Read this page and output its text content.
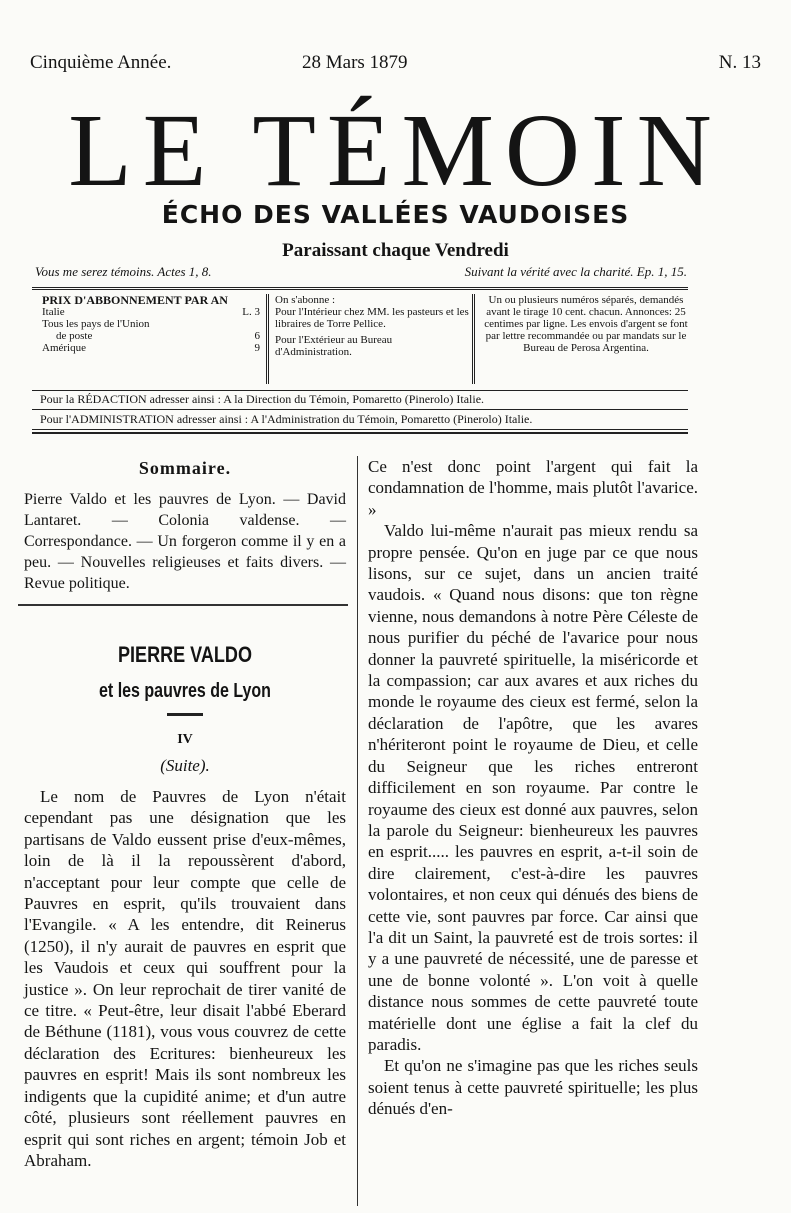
Cinquième Année.	28 Mars 1879	N. 13
LE TÉMOIN
ÉCHO DES VALLÉES VAUDOISES
Paraissant chaque Vendredi
Vous me serez témoins. Actes 1, 8.	Suivant la vérité avec la charité. Ep. 1, 15.
PRIX D'ABBONNEMENT PAR AN
Italie	L. 3
Tous les pays de l'Union
de poste	6
Amérique	9
On s'abonne :
Pour l'Intérieur chez MM. les pasteurs et les libraires de Torre Pellice.
Pour l'Extérieur au Bureau d'Administration.
Un ou plusieurs numéros séparés, demandés avant le tirage 10 cent. chacun. Annonces: 25 centimes par ligne. Les envois d'argent se font par lettre recommandée ou par mandats sur le Bureau de Perosa Argentina.
Pour la RÉDACTION adresser ainsi : A la Direction du Témoin, Pomaretto (Pinerolo) Italie.
Pour l'ADMINISTRATION adresser ainsi : A l'Administration du Témoin, Pomaretto (Pinerolo) Italie.
Sommaire.
Pierre Valdo et les pauvres de Lyon. — David Lantaret. — Colonia valdense. — Correspondance. — Un forgeron comme il y en a peu. — Nouvelles religieuses et faits divers. — Revue politique.
PIERRE VALDO
et les pauvres de Lyon
IV
(Suite).
Le nom de Pauvres de Lyon n'était cependant pas une désignation que les partisans de Valdo eussent prise d'eux-mêmes, loin de là il la repoussèrent d'abord, n'acceptant pour leur compte que celle de Pauvres en esprit, qu'ils trouvaient dans l'Evangile. « A les entendre, dit Reinerus (1250), il n'y aurait de pauvres en esprit que les Vaudois et ceux qui souffrent pour la justice ». On leur reprochait de tirer vanité de ce titre. « Peut-être, leur disait l'abbé Eberard de Béthune (1181), vous vous couvrez de cette déclaration des Ecritures: bienheureux les pauvres en esprit! Mais ils sont nombreux les indigents que la cupidité anime; et d'un autre côté, plusieurs sont réellement pauvres en esprit qui sont riches en argent; témoin Job et Abraham.

Ce n'est donc point l'argent qui fait la condamnation de l'homme, mais plutôt l'avarice. »

Valdo lui-même n'aurait pas mieux rendu sa propre pensée. Qu'on en juge par ce que nous lisons, sur ce sujet, dans un ancien traité vaudois. « Quand nous disons: que ton règne vienne, nous demandons à notre Père Céleste de nous purifier du péché de l'avarice pour nous donner la pauvreté spirituelle, la miséricorde et la compassion; car aux avares et aux riches du monde le royaume des cieux est fermé, selon la déclaration de l'apôtre, que les avares n'hériteront point le royaume de Dieu, et celle du Seigneur que les riches entreront difficilement en son royaume. Par contre le royaume des cieux est donné aux pauvres, selon la parole du Seigneur: bienheureux les pauvres en esprit..... les pauvres en esprit, a-t-il soin de dire clairement, c'est-à-dire les pauvres volontaires, et non ceux qui dénués des biens de cette vie, sont pauvres par force. Car ainsi que l'a dit un Saint, la pauvreté est de trois sortes: il y a une pauvreté de nécessité, une de paresse et une de bonne volonté ». L'on voit à quelle distance nous sommes de cette pauvreté toute matérielle dont une église a fait la clef du paradis.

Et qu'on ne s'imagine pas que les riches seuls soient tenus à cette pauvreté spirituelle; les plus dénués d'en-
